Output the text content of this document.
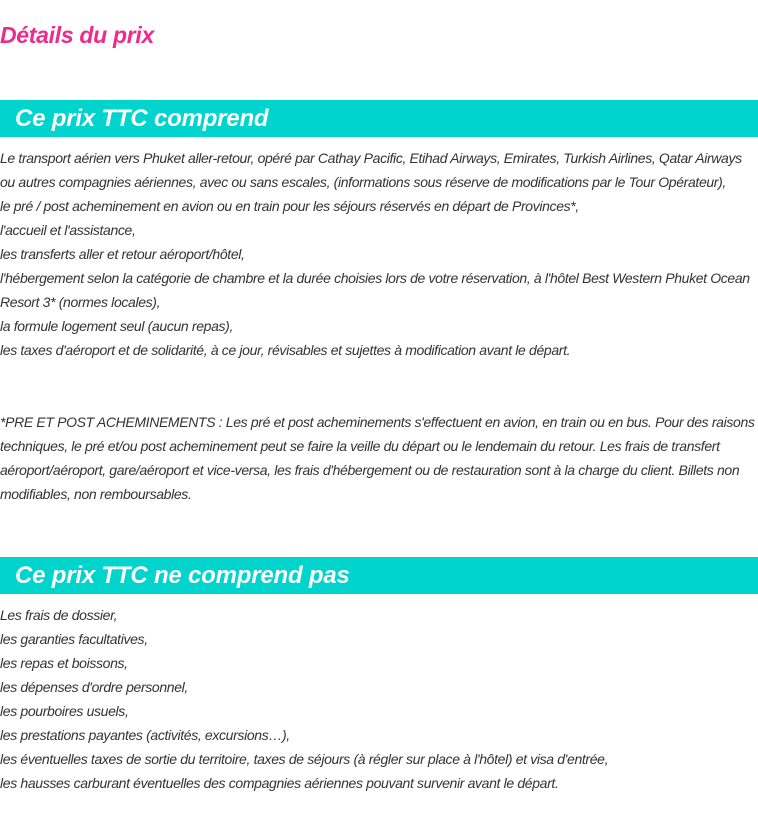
Détails du prix
Ce prix TTC comprend
Le transport aérien vers Phuket aller-retour, opéré par Cathay Pacific, Etihad Airways, Emirates, Turkish Airlines, Qatar Airways ou autres compagnies aériennes, avec ou sans escales, (informations sous réserve de modifications par le Tour Opérateur),
le pré / post acheminement en avion ou en train pour les séjours réservés en départ de Provinces*,
l'accueil et l'assistance,
les transferts aller et retour aéroport/hôtel,
l'hébergement selon la catégorie de chambre et la durée choisies lors de votre réservation, à l'hôtel Best Western Phuket Ocean Resort 3* (normes locales),
la formule logement seul (aucun repas),
les taxes d'aéroport et de solidarité, à ce jour, révisables et sujettes à modification avant le départ.
*PRE ET POST ACHEMINEMENTS : Les pré et post acheminements s'effectuent en avion, en train ou en bus. Pour des raisons techniques, le pré et/ou post acheminement peut se faire la veille du départ ou le lendemain du retour. Les frais de transfert aéroport/aéroport, gare/aéroport et vice-versa, les frais d'hébergement ou de restauration sont à la charge du client. Billets non modifiables, non remboursables.
Ce prix TTC ne comprend pas
Les frais de dossier,
les garanties facultatives,
les repas et boissons,
les dépenses d'ordre personnel,
les pourboires usuels,
les prestations payantes (activités, excursions…),
les éventuelles taxes de sortie du territoire, taxes de séjours (à régler sur place à l'hôtel) et visa d'entrée,
les hausses carburant éventuelles des compagnies aériennes pouvant survenir avant le départ.
